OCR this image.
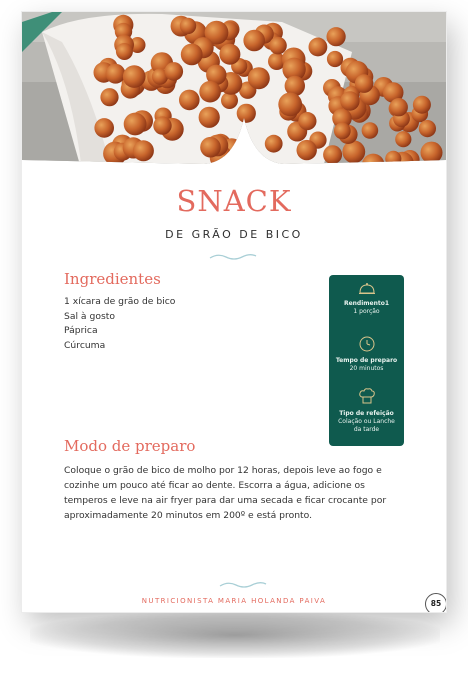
SNACK
DE GRÃO DE BICO
Ingredientes
1 xícara de grão de bico
Sal à gosto
Páprica
Cúrcuma
Rendimento1
1 porção
Tempo de preparo
20 minutos
Tipo de refeição
Colação ou Lanche
da tarde
Modo de preparo

Coloque o grão de bico de molho por 12 horas, depois leve ao fogo e cozinhe um pouco até ficar ao dente. Escorra a água, adicione os temperos e leve na air fryer para dar uma secada e ficar crocante por aproximadamente 20 minutos em 200º e está pronto.

NUTRICIONISTA MARIA HOLANDA PAIVA	85
